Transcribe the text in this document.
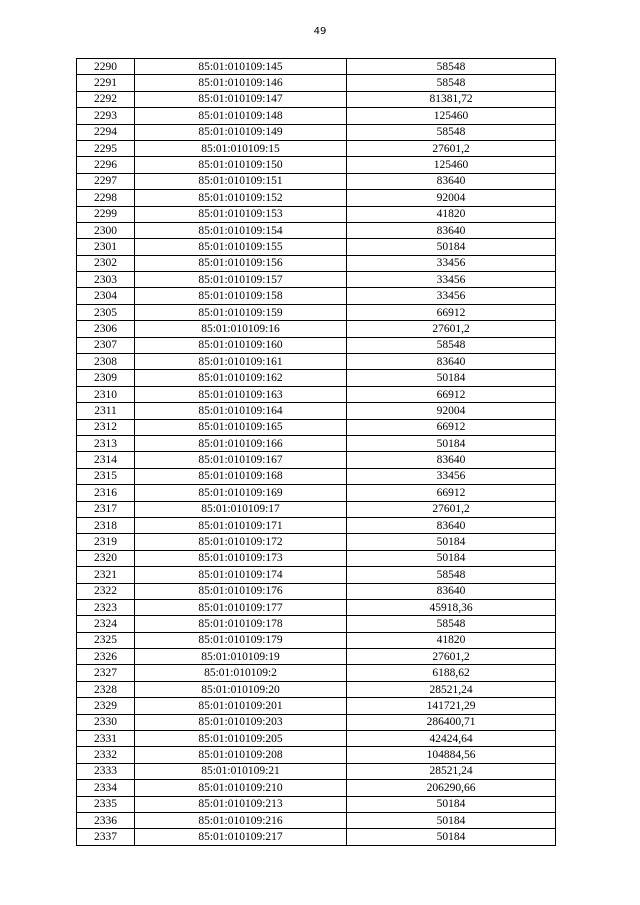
49
2290	85:01:010109:145	58548
2291	85:01:010109:146	58548
2292	85:01:010109:147	81381,72
2293	85:01:010109:148	125460
2294	85:01:010109:149	58548
2295	85:01:010109:15	27601,2
2296	85:01:010109:150	125460
2297	85:01:010109:151	83640
2298	85:01:010109:152	92004
2299	85:01:010109:153	41820
2300	85:01:010109:154	83640
2301	85:01:010109:155	50184
2302	85:01:010109:156	33456
2303	85:01:010109:157	33456
2304	85:01:010109:158	33456
2305	85:01:010109:159	66912
2306	85:01:010109:16	27601,2
2307	85:01:010109:160	58548
2308	85:01:010109:161	83640
2309	85:01:010109:162	50184
2310	85:01:010109:163	66912
2311	85:01:010109:164	92004
2312	85:01:010109:165	66912
2313	85:01:010109:166	50184
2314	85:01:010109:167	83640
2315	85:01:010109:168	33456
2316	85:01:010109:169	66912
2317	85:01:010109:17	27601,2
2318	85:01:010109:171	83640
2319	85:01:010109:172	50184
2320	85:01:010109:173	50184
2321	85:01:010109:174	58548
2322	85:01:010109:176	83640
2323	85:01:010109:177	45918,36
2324	85:01:010109:178	58548
2325	85:01:010109:179	41820
2326	85:01:010109:19	27601,2
2327	85:01:010109:2	6188,62
2328	85:01:010109:20	28521,24
2329	85:01:010109:201	141721,29
2330	85:01:010109:203	286400,71
2331	85:01:010109:205	42424,64
2332	85:01:010109:208	104884,56
2333	85:01:010109:21	28521,24
2334	85:01:010109:210	206290,66
2335	85:01:010109:213	50184
2336	85:01:010109:216	50184
2337	85:01:010109:217	50184
